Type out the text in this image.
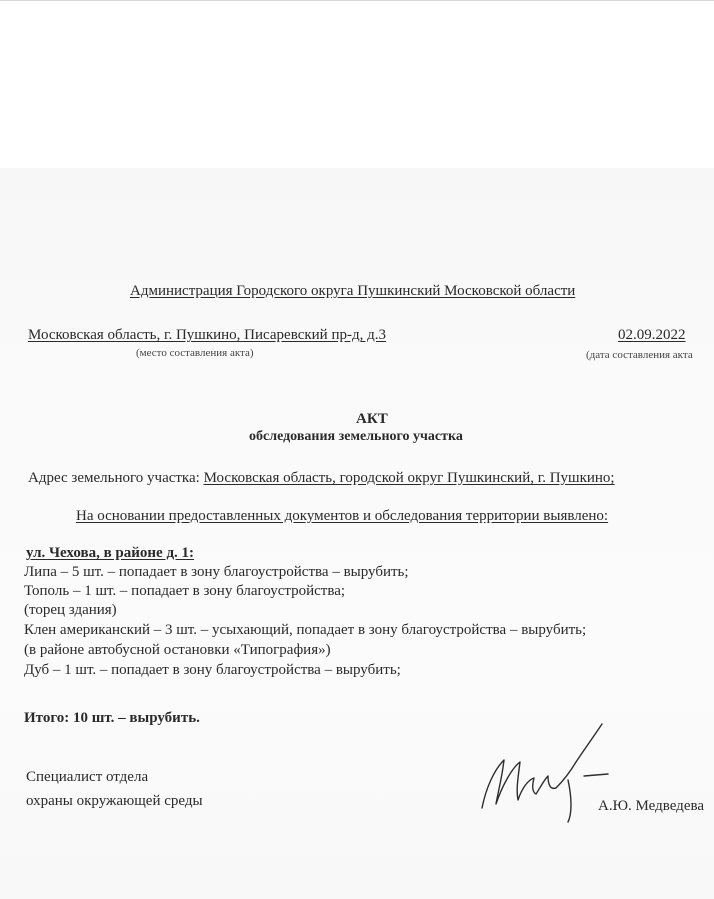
Администрация Городского округа Пушкинский Московской области
Московская область, г. Пушкино, Писаревский пр-д, д.3	02.09.2022
(место составления акта)	(дата составления акта
АКТ
обследования земельного участка
Адрес земельного участка: Московская область, городской округ Пушкинский, г. Пушкино;
На основании предоставленных документов и обследования территории выявлено:
ул. Чехова, в районе д. 1:
Липа – 5 шт. – попадает в зону благоустройства – вырубить;
Тополь – 1 шт. – попадает в зону благоустройства;
(торец здания)
Клен американский – 3 шт. – усыхающий, попадает в зону благоустройства – вырубить;
(в районе автобусной остановки «Типография»)
Дуб – 1 шт. – попадает в зону благоустройства – вырубить;
Итого: 10 шт. – вырубить.
Специалист отдела
охраны окружающей среды	А.Ю. Медведева
